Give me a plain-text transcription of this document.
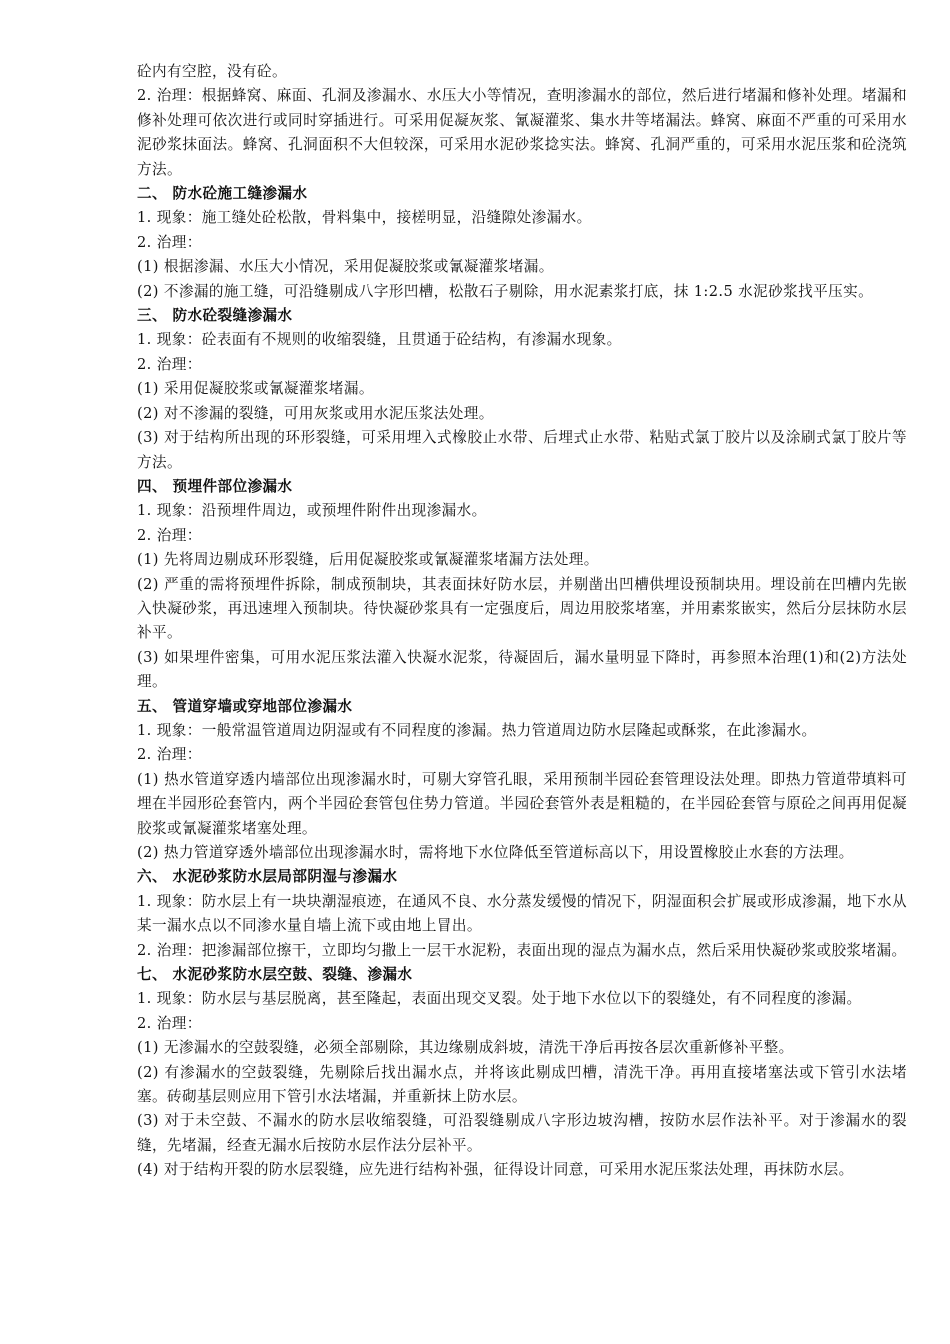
砼内有空腔，没有砼。

2. 治理：根据蜂窝、麻面、孔洞及渗漏水、水压大小等情况，查明渗漏水的部位，然后进行堵漏和修补处理。堵漏和修补处理可依次进行或同时穿插进行。可采用促凝灰浆、氰凝灌浆、集水井等堵漏法。蜂窝、麻面不严重的可采用水泥砂浆抹面法。蜂窝、孔洞面积不大但较深，可采用水泥砂浆捻实法。蜂窝、孔洞严重的，可采用水泥压浆和砼浇筑方法。

二、 防水砼施工缝渗漏水

1. 现象：施工缝处砼松散，骨料集中，接槎明显，沿缝隙处渗漏水。

2. 治理：

(1) 根据渗漏、水压大小情况，采用促凝胶浆或氰凝灌浆堵漏。

(2) 不渗漏的施工缝，可沿缝剔成八字形凹槽，松散石子剔除，用水泥素浆打底，抹 1:2.5 水泥砂浆找平压实。

三、 防水砼裂缝渗漏水

1. 现象：砼表面有不规则的收缩裂缝，且贯通于砼结构，有渗漏水现象。

2. 治理：

(1) 采用促凝胶浆或氰凝灌浆堵漏。

(2) 对不渗漏的裂缝，可用灰浆或用水泥压浆法处理。

(3) 对于结构所出现的环形裂缝，可采用埋入式橡胶止水带、后埋式止水带、粘贴式氯丁胶片以及涂刷式氯丁胶片等方法。

四、 预埋件部位渗漏水

1. 现象：沿预埋件周边，或预埋件附件出现渗漏水。

2. 治理：

(1) 先将周边剔成环形裂缝，后用促凝胶浆或氰凝灌浆堵漏方法处理。

(2) 严重的需将预埋件拆除，制成预制块，其表面抹好防水层，并剔凿出凹槽供埋设预制块用。埋设前在凹槽内先嵌入快凝砂浆，再迅速埋入预制块。待快凝砂浆具有一定强度后，周边用胶浆堵塞，并用素浆嵌实，然后分层抹防水层补平。

(3) 如果埋件密集，可用水泥压浆法灌入快凝水泥浆，待凝固后，漏水量明显下降时，再参照本治理(1)和(2)方法处理。

五、 管道穿墙或穿地部位渗漏水

1. 现象：一般常温管道周边阴湿或有不同程度的渗漏。热力管道周边防水层隆起或酥浆，在此渗漏水。

2. 治理：

(1) 热水管道穿透内墙部位出现渗漏水时，可剔大穿管孔眼，采用预制半园砼套管理设法处理。即热力管道带填料可埋在半园形砼套管内，两个半园砼套管包住势力管道。半园砼套管外表是粗糙的，在半园砼套管与原砼之间再用促凝胶浆或氰凝灌浆堵塞处理。

(2) 热力管道穿透外墙部位出现渗漏水时，需将地下水位降低至管道标高以下，用设置橡胶止水套的方法理。

六、 水泥砂浆防水层局部阴湿与渗漏水

1. 现象：防水层上有一块块潮湿痕迹，在通风不良、水分蒸发缓慢的情况下，阴湿面积会扩展或形成渗漏，地下水从某一漏水点以不同渗水量自墙上流下或由地上冒出。

2. 治理：把渗漏部位擦干，立即均匀撒上一层干水泥粉，表面出现的湿点为漏水点，然后采用快凝砂浆或胶浆堵漏。

七、 水泥砂浆防水层空鼓、裂缝、渗漏水

1. 现象：防水层与基层脱离，甚至隆起，表面出现交叉裂。处于地下水位以下的裂缝处，有不同程度的渗漏。

2. 治理：

(1) 无渗漏水的空鼓裂缝，必须全部剔除，其边缘剔成斜坡，清洗干净后再按各层次重新修补平整。

(2) 有渗漏水的空鼓裂缝，先剔除后找出漏水点，并将该此剔成凹槽，清洗干净。再用直接堵塞法或下管引水法堵塞。砖砌基层则应用下管引水法堵漏，并重新抹上防水层。

(3) 对于未空鼓、不漏水的防水层收缩裂缝，可沿裂缝剔成八字形边坡沟槽，按防水层作法补平。对于渗漏水的裂缝，先堵漏，经查无漏水后按防水层作法分层补平。

(4) 对于结构开裂的防水层裂缝，应先进行结构补强，征得设计同意，可采用水泥压浆法处理，再抹防水层。
